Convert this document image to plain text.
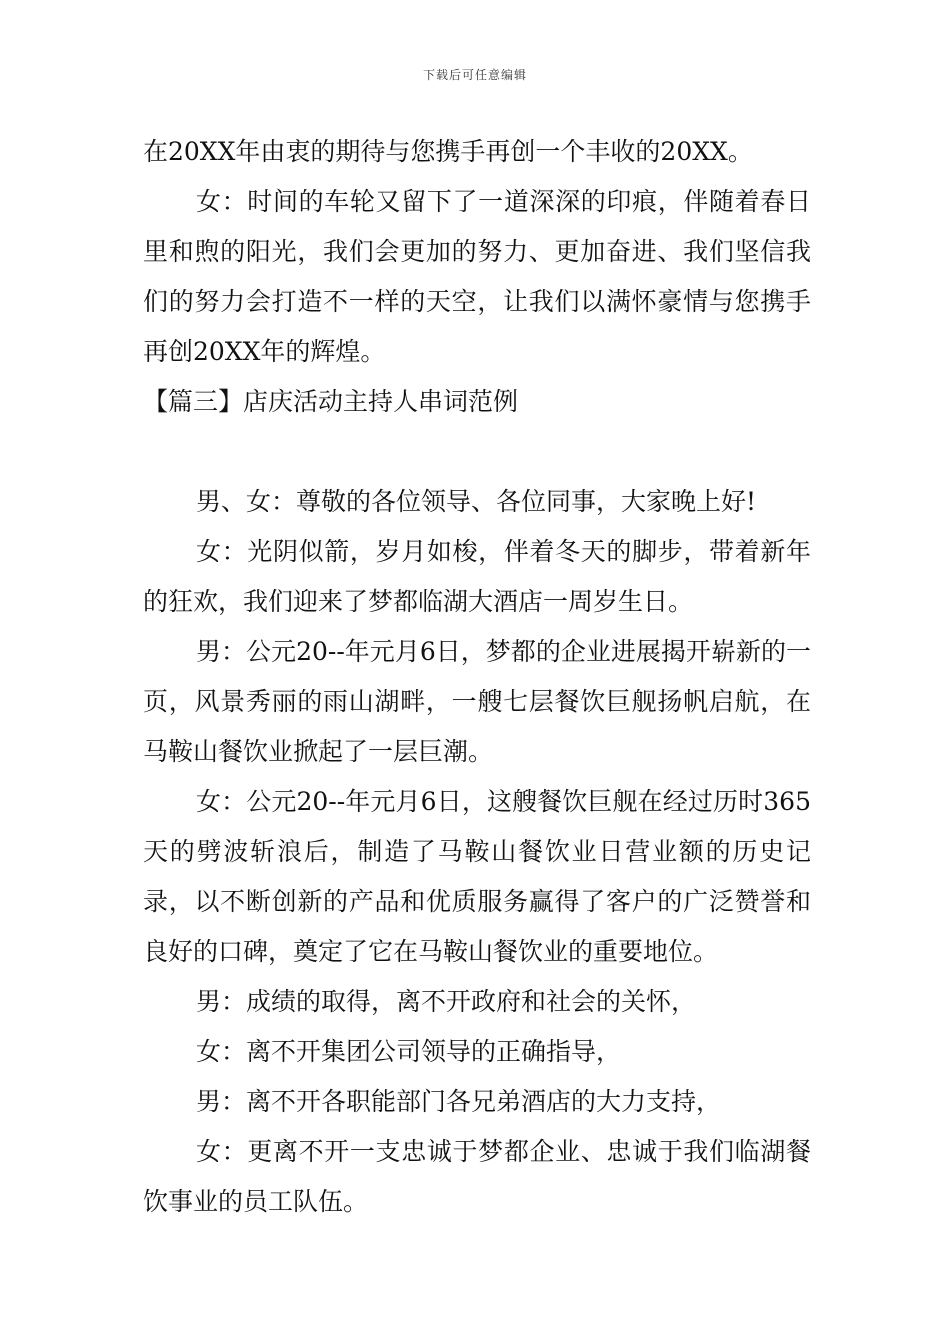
下载后可任意编辑

在20XX年由衷的期待与您携手再创一个丰收的20XX。

女：时间的车轮又留下了一道深深的印痕，伴随着春日里和煦的阳光，我们会更加的努力、更加奋进、我们坚信我们的努力会打造不一样的天空，让我们以满怀豪情与您携手再创20XX年的辉煌。

【篇三】店庆活动主持人串词范例

男、女：尊敬的各位领导、各位同事，大家晚上好!

女：光阴似箭，岁月如梭，伴着冬天的脚步，带着新年的狂欢，我们迎来了梦都临湖大酒店一周岁生日。

男：公元20--年元月6日，梦都的企业进展揭开崭新的一页，风景秀丽的雨山湖畔，一艘七层餐饮巨舰扬帆启航，在马鞍山餐饮业掀起了一层巨潮。

女：公元20--年元月6日，这艘餐饮巨舰在经过历时365天的劈波斩浪后，制造了马鞍山餐饮业日营业额的历史记录，以不断创新的产品和优质服务赢得了客户的广泛赞誉和良好的口碑，奠定了它在马鞍山餐饮业的重要地位。

男：成绩的取得，离不开政府和社会的关怀，

女：离不开集团公司领导的正确指导，

男：离不开各职能部门各兄弟酒店的大力支持，

女：更离不开一支忠诚于梦都企业、忠诚于我们临湖餐饮事业的员工队伍。
